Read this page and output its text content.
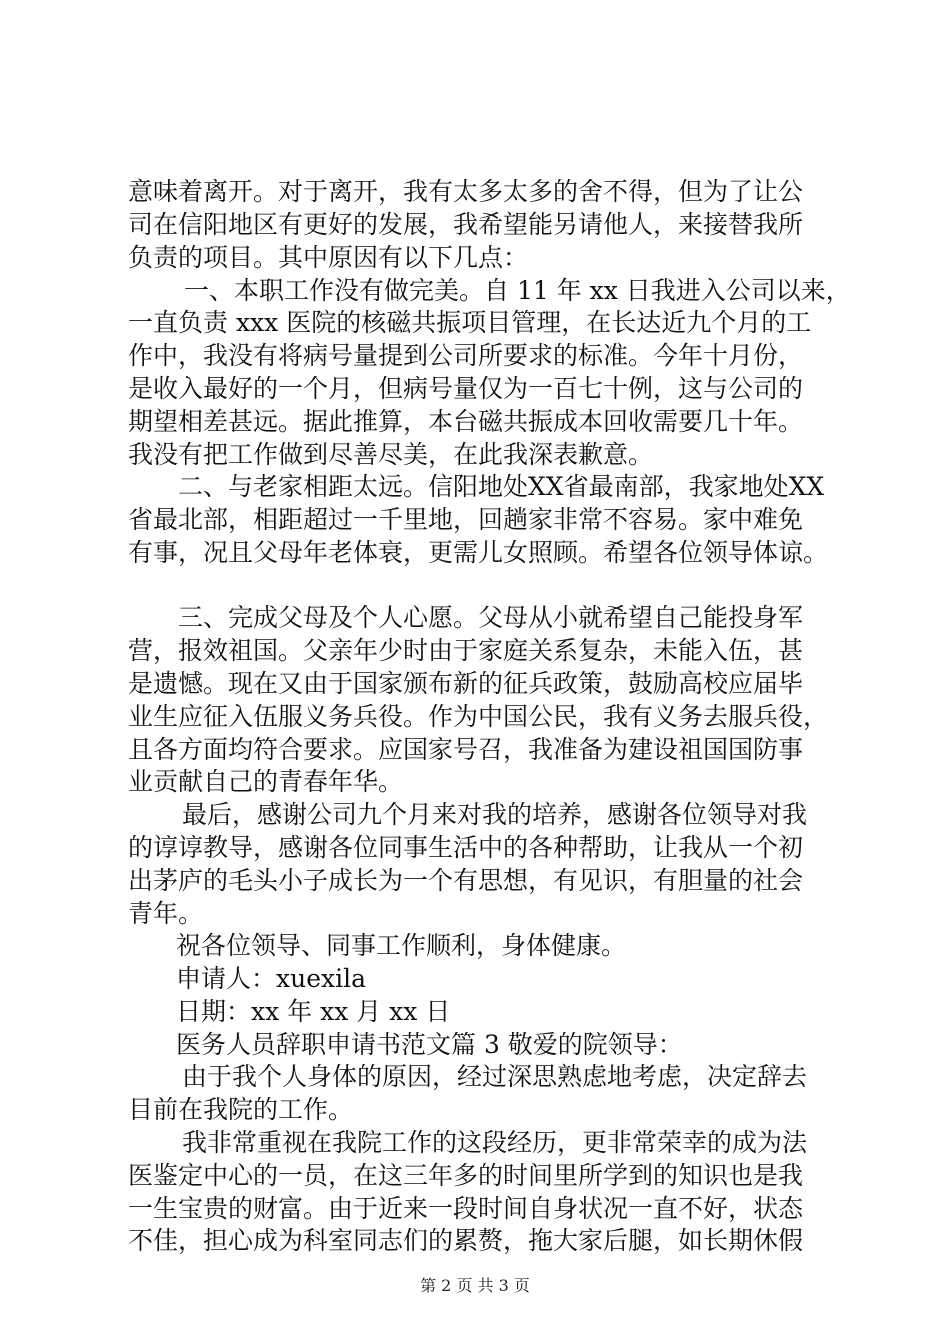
意味着离开。对于离开，我有太多太多的舍不得，但为了让公
司在信阳地区有更好的发展，我希望能另请他人，来接替我所
负责的项目。其中原因有以下几点：
一、本职工作没有做完美。自 11 年 xx 日我进入公司以来，
一直负责 xxx 医院的核磁共振项目管理，在长达近九个月的工
作中，我没有将病号量提到公司所要求的标准。今年十月份，
是收入最好的一个月，但病号量仅为一百七十例，这与公司的
期望相差甚远。据此推算，本台磁共振成本回收需要几十年。
我没有把工作做到尽善尽美，在此我深表歉意。
二、与老家相距太远。信阳地处XX省最南部，我家地处XX
省最北部，相距超过一千里地，回趟家非常不容易。家中难免
有事，况且父母年老体衰，更需儿女照顾。希望各位领导体谅。
三、完成父母及个人心愿。父母从小就希望自己能投身军
营，报效祖国。父亲年少时由于家庭关系复杂，未能入伍，甚
是遗憾。现在又由于国家颁布新的征兵政策，鼓励高校应届毕
业生应征入伍服义务兵役。作为中国公民，我有义务去服兵役，
且各方面均符合要求。应国家号召，我准备为建设祖国国防事
业贡献自己的青春年华。
最后，感谢公司九个月来对我的培养，感谢各位领导对我
的谆谆教导，感谢各位同事生活中的各种帮助，让我从一个初
出茅庐的毛头小子成长为一个有思想，有见识，有胆量的社会
青年。
祝各位领导、同事工作顺利，身体健康。
申请人：xuexila
日期：xx 年 xx 月 xx 日
医务人员辞职申请书范文篇 3 敬爱的院领导：
由于我个人身体的原因，经过深思熟虑地考虑，决定辞去
目前在我院的工作。
我非常重视在我院工作的这段经历，更非常荣幸的成为法
医鉴定中心的一员，在这三年多的时间里所学到的知识也是我
一生宝贵的财富。由于近来一段时间自身状况一直不好，状态
不佳，担心成为科室同志们的累赘，拖大家后腿，如长期休假
第 2 页 共 3 页
